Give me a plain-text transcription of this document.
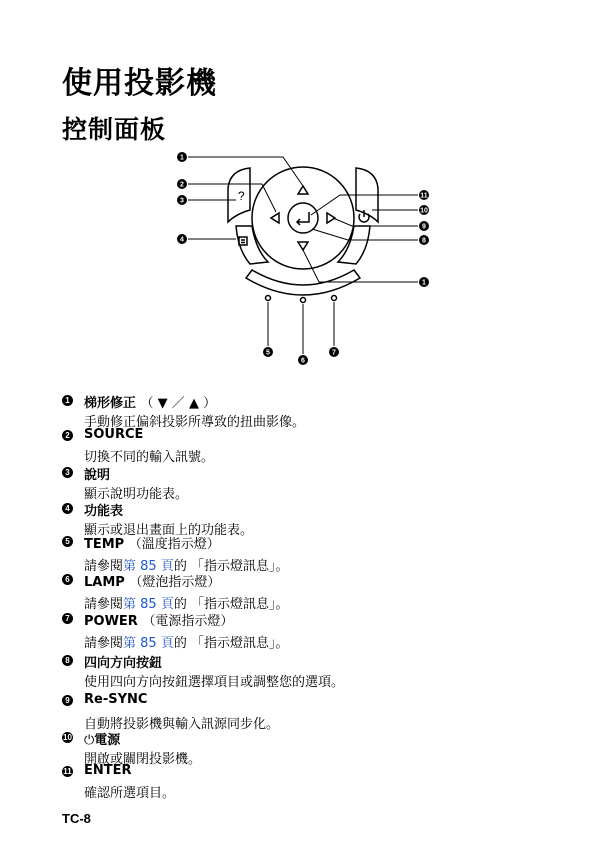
使用投影機
控制面板
?
1
2
3
4
11
10
9
8
1
5
6
7
1 梯形修正 （ ▼ ／ ▲ ）
手動修正偏斜投影所導致的扭曲影像。
2 SOURCE
切換不同的輸入訊號。
3 說明
顯示說明功能表。
4 功能表
顯示或退出畫面上的功能表。
5 TEMP （溫度指示燈）
請參閱第 85 頁的 「指示燈訊息」。
6 LAMP （燈泡指示燈）
請參閱第 85 頁的 「指示燈訊息」。
7 POWER （電源指示燈）
請參閱第 85 頁的 「指示燈訊息」。
8 四向方向按鈕
使用四向方向按鈕選擇項目或調整您的選項。
9 Re-SYNC
自動將投影機與輸入訊源同步化。
10 ⏻電源
開啟或關閉投影機。
11 ENTER
確認所選項目。
TC-8
